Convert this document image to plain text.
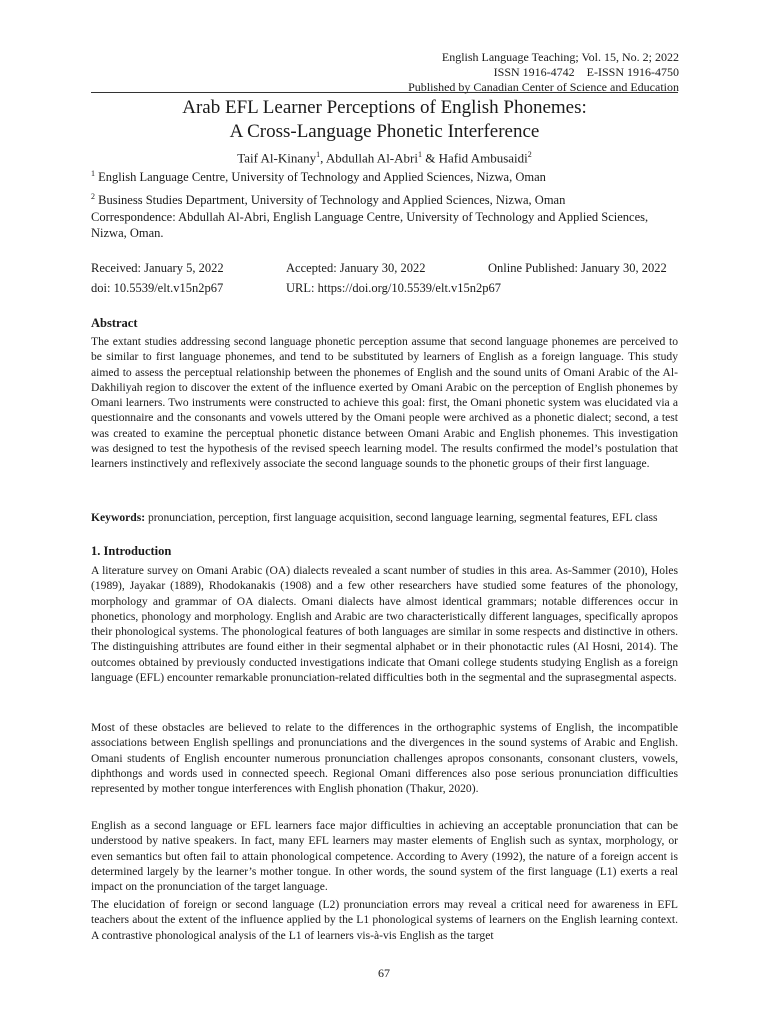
English Language Teaching; Vol. 15, No. 2; 2022
ISSN 1916-4742    E-ISSN 1916-4750
Published by Canadian Center of Science and Education
Arab EFL Learner Perceptions of English Phonemes:
A Cross-Language Phonetic Interference
Taif Al-Kinany$^1$, Abdullah Al-Abri$^1$ & Hafid Ambusaidi$^2$
$^1$ English Language Centre, University of Technology and Applied Sciences, Nizwa, Oman
$^2$ Business Studies Department, University of Technology and Applied Sciences, Nizwa, Oman
Correspondence: Abdullah Al-Abri, English Language Centre, University of Technology and Applied Sciences, Nizwa, Oman.
Received: January 5, 2022	Accepted: January 30, 2022	Online Published: January 30, 2022
doi: 10.5539/elt.v15n2p67	URL: https://doi.org/10.5539/elt.v15n2p67
Abstract
The extant studies addressing second language phonetic perception assume that second language phonemes are perceived to be similar to first language phonemes, and tend to be substituted by learners of English as a foreign language. This study aimed to assess the perceptual relationship between the phonemes of English and the sound units of Omani Arabic of the Al-Dakhiliyah region to discover the extent of the influence exerted by Omani Arabic on the perception of English phonemes by Omani learners. Two instruments were constructed to achieve this goal: first, the Omani phonetic system was elucidated via a questionnaire and the consonants and vowels uttered by the Omani people were archived as a phonetic dialect; second, a test was created to examine the perceptual phonetic distance between Omani Arabic and English phonemes. This investigation was designed to test the hypothesis of the revised speech learning model. The results confirmed the model’s postulation that learners instinctively and reflexively associate the second language sounds to the phonetic groups of their first language.
Keywords: pronunciation, perception, first language acquisition, second language learning, segmental features, EFL class
1. Introduction
A literature survey on Omani Arabic (OA) dialects revealed a scant number of studies in this area. As-Sammer (2010), Holes (1989), Jayakar (1889), Rhodokanakis (1908) and a few other researchers have studied some features of the phonology, morphology and grammar of OA dialects. Omani dialects have almost identical grammars; notable differences occur in phonetics, phonology and morphology. English and Arabic are two characteristically different languages, specifically apropos their phonological systems. The phonological features of both languages are similar in some respects and distinctive in others. The distinguishing attributes are found either in their segmental alphabet or in their phonotactic rules (Al Hosni, 2014). The outcomes obtained by previously conducted investigations indicate that Omani college students studying English as a foreign language (EFL) encounter remarkable pronunciation-related difficulties both in the segmental and the suprasegmental aspects.
Most of these obstacles are believed to relate to the differences in the orthographic systems of English, the incompatible associations between English spellings and pronunciations and the divergences in the sound systems of Arabic and English. Omani students of English encounter numerous pronunciation challenges apropos consonants, consonant clusters, vowels, diphthongs and words used in connected speech. Regional Omani differences also pose serious pronunciation difficulties represented by mother tongue interferences with English phonation (Thakur, 2020).
English as a second language or EFL learners face major difficulties in achieving an acceptable pronunciation that can be understood by native speakers. In fact, many EFL learners may master elements of English such as syntax, morphology, or even semantics but often fail to attain phonological competence. According to Avery (1992), the nature of a foreign accent is determined largely by the learner’s mother tongue. In other words, the sound system of the first language (L1) exerts a real impact on the pronunciation of the target language.
The elucidation of foreign or second language (L2) pronunciation errors may reveal a critical need for awareness in EFL teachers about the extent of the influence applied by the L1 phonological systems of learners on the English learning context. A contrastive phonological analysis of the L1 of learners vis-à-vis English as the target
67
